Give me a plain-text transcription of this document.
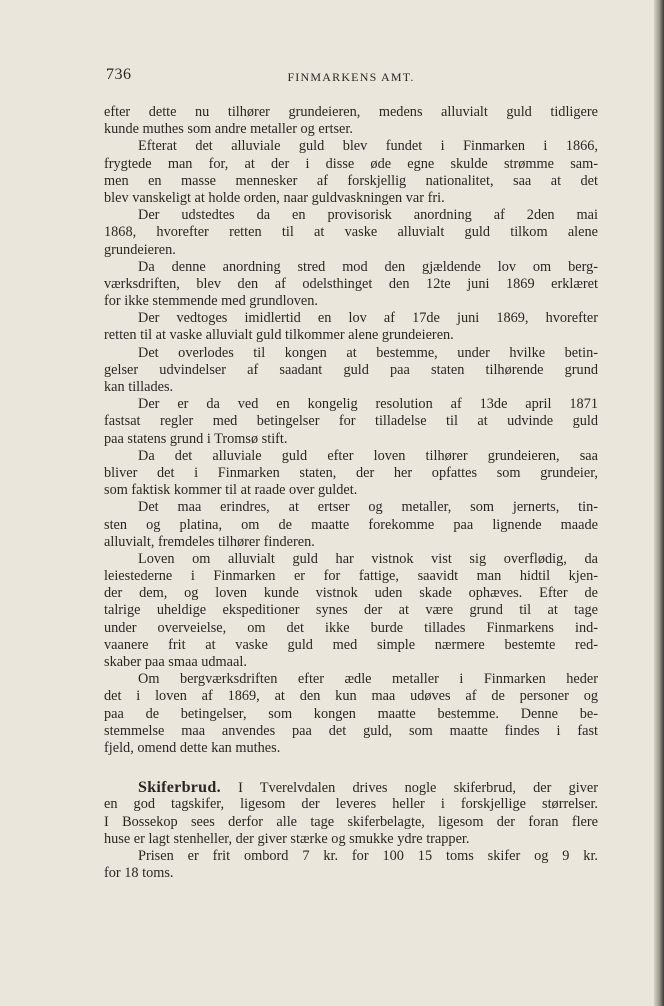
736	FINMARKENS AMT.
efter dette nu tilhører grundeieren, medens alluvialt guld tidligere
kunde muthes som andre metaller og ertser.
Efterat det alluviale guld blev fundet i Finmarken i 1866,
frygtede man for, at der i disse øde egne skulde strømme sam-
men en masse mennesker af forskjellig nationalitet, saa at det
blev vanskeligt at holde orden, naar guldvaskningen var fri.
Der udstedtes da en provisorisk anordning af 2den mai
1868, hvorefter retten til at vaske alluvialt guld tilkom alene
grundeieren.
Da denne anordning stred mod den gjældende lov om berg-
værksdriften, blev den af odelsthinget den 12te juni 1869 erklæret
for ikke stemmende med grundloven.
Der vedtoges imidlertid en lov af 17de juni 1869, hvorefter
retten til at vaske alluvialt guld tilkommer alene grundeieren.
Det overlodes til kongen at bestemme, under hvilke betin-
gelser udvindelser af saadant guld paa staten tilhørende grund
kan tillades.
Der er da ved en kongelig resolution af 13de april 1871
fastsat regler med betingelser for tilladelse til at udvinde guld
paa statens grund i Tromsø stift.
Da det alluviale guld efter loven tilhører grundeieren, saa
bliver det i Finmarken staten, der her opfattes som grundeier,
som faktisk kommer til at raade over guldet.
Det maa erindres, at ertser og metaller, som jernerts, tin-
sten og platina, om de maatte forekomme paa lignende maade
alluvialt, fremdeles tilhører finderen.
Loven om alluvialt guld har vistnok vist sig overflødig, da
leiestederne i Finmarken er for fattige, saavidt man hidtil kjen-
der dem, og loven kunde vistnok uden skade ophæves. Efter de
talrige uheldige ekspeditioner synes der at være grund til at tage
under overveielse, om det ikke burde tillades Finmarkens ind-
vaanere frit at vaske guld med simple nærmere bestemte red-
skaber paa smaa udmaal.
Om bergværksdriften efter ædle metaller i Finmarken heder
det i loven af 1869, at den kun maa udøves af de personer og
paa de betingelser, som kongen maatte bestemme. Denne be-
stemmelse maa anvendes paa det guld, som maatte findes i fast
fjeld, omend dette kan muthes.
Skiferbrud. I Tverelvdalen drives nogle skiferbrud, der giver
en god tagskifer, ligesom der leveres heller i forskjellige størrelser.
I Bossekop sees derfor alle tage skiferbelagte, ligesom der foran flere
huse er lagt stenheller, der giver stærke og smukke ydre trapper.
Prisen er frit ombord 7 kr. for 100 15 toms skifer og 9 kr.
for 18 toms.
